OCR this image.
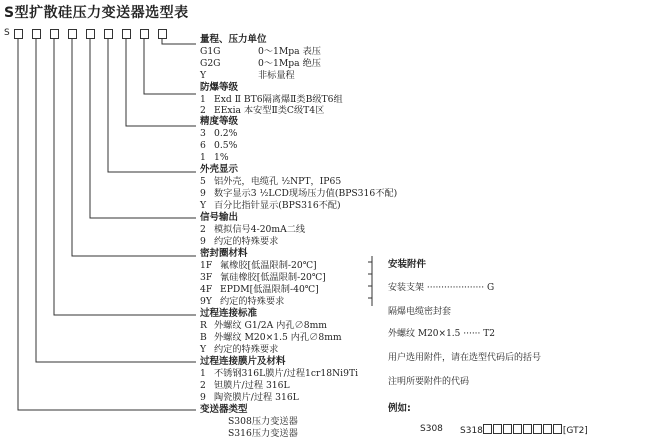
S型扩散硅压力变送器选型表
S
量程、压力单位
G1G	0～1Mpa 表压
G2G	0～1Mpa 绝压
Y	非标量程
防爆等级
1 Exd Ⅱ BT6隔离爆Ⅱ类B级T6组
2 EExia 本安型Ⅱ类C级T4区
精度等级
3 0.2%
6 0.5%
1 1%
外壳显示
5 铝外壳，电缆孔 ½NPT，IP65
9 数字显示3 ½LCD现场压力值(BPS316不配)
Y 百分比指针显示(BPS316不配)
信号输出
2 模拟信号4-20mA二线
9 约定的特殊要求
密封圈材料
1F 氟橡胶[低温限制-20℃]
3F 氰硅橡胶[低温限制-20℃]
4F EPDM[低温限制-40℃]
9Y 约定的特殊要求
过程连接标准
R 外螺纹 G1/2A 内孔∅8mm
B 外螺纹 M20×1.5 内孔∅8mm
Y 约定的特殊要求
过程连接膜片及材料
1 不锈钢316L膜片/过程1cr18Ni9Ti
2 钽膜片/过程 316L
9 陶瓷膜片/过程 316L
变送器类型
S308压力变送器
S316压力变送器
安装附件
安装支架 ···················· G
隔爆电缆密封套
外螺纹 M20×1.5 ······ T2
用户选用附件，请在选型代码后的括号
注明所要附件的代码
例如:
S308 S318	[GT2]
